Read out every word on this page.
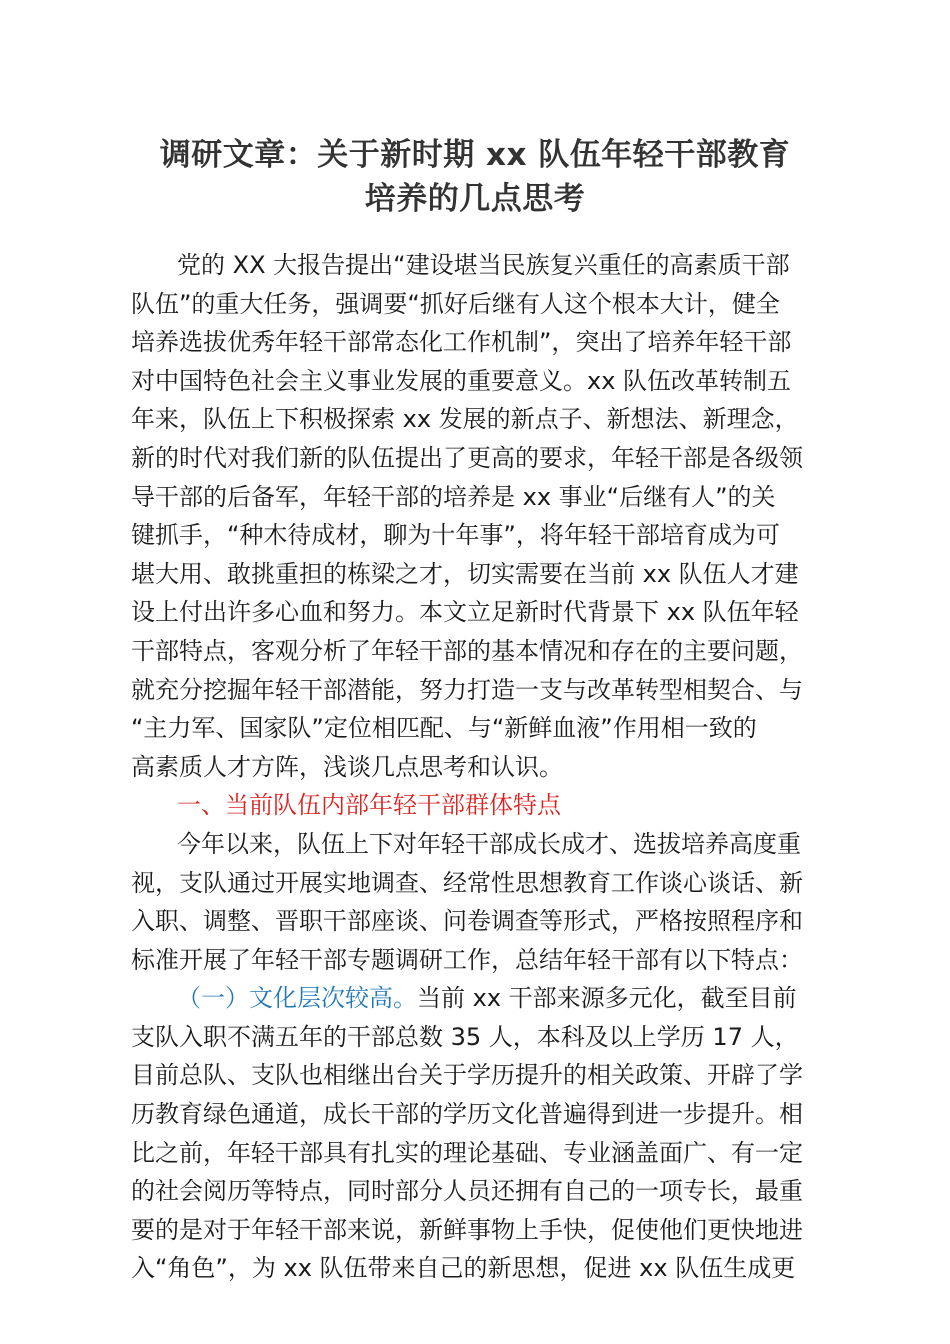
调研文章：关于新时期 xx 队伍年轻干部教育
培养的几点思考
党的 XX 大报告提出“建设堪当民族复兴重任的高素质干部
队伍”的重大任务，强调要“抓好后继有人这个根本大计，健全
培养选拔优秀年轻干部常态化工作机制”，突出了培养年轻干部
对中国特色社会主义事业发展的重要意义。xx 队伍改革转制五
年来，队伍上下积极探索 xx 发展的新点子、新想法、新理念，
新的时代对我们新的队伍提出了更高的要求，年轻干部是各级领
导干部的后备军，年轻干部的培养是 xx 事业“后继有人”的关
键抓手，“种木待成材，聊为十年事”，将年轻干部培育成为可
堪大用、敢挑重担的栋梁之才，切实需要在当前 xx 队伍人才建
设上付出许多心血和努力。本文立足新时代背景下 xx 队伍年轻
干部特点，客观分析了年轻干部的基本情况和存在的主要问题，
就充分挖掘年轻干部潜能，努力打造一支与改革转型相契合、与
“主力军、国家队”定位相匹配、与“新鲜血液”作用相一致的
高素质人才方阵，浅谈几点思考和认识。
一、当前队伍内部年轻干部群体特点
今年以来，队伍上下对年轻干部成长成才、选拔培养高度重
视，支队通过开展实地调查、经常性思想教育工作谈心谈话、新
入职、调整、晋职干部座谈、问卷调查等形式，严格按照程序和
标准开展了年轻干部专题调研工作，总结年轻干部有以下特点：
（一）文化层次较高。当前 xx 干部来源多元化，截至目前
支队入职不满五年的干部总数 35 人，本科及以上学历 17 人，
目前总队、支队也相继出台关于学历提升的相关政策、开辟了学
历教育绿色通道，成长干部的学历文化普遍得到进一步提升。相
比之前，年轻干部具有扎实的理论基础、专业涵盖面广、有一定
的社会阅历等特点，同时部分人员还拥有自己的一项专长，最重
要的是对于年轻干部来说，新鲜事物上手快，促使他们更快地进
入“角色”，为 xx 队伍带来自己的新思想，促进 xx 队伍生成更
